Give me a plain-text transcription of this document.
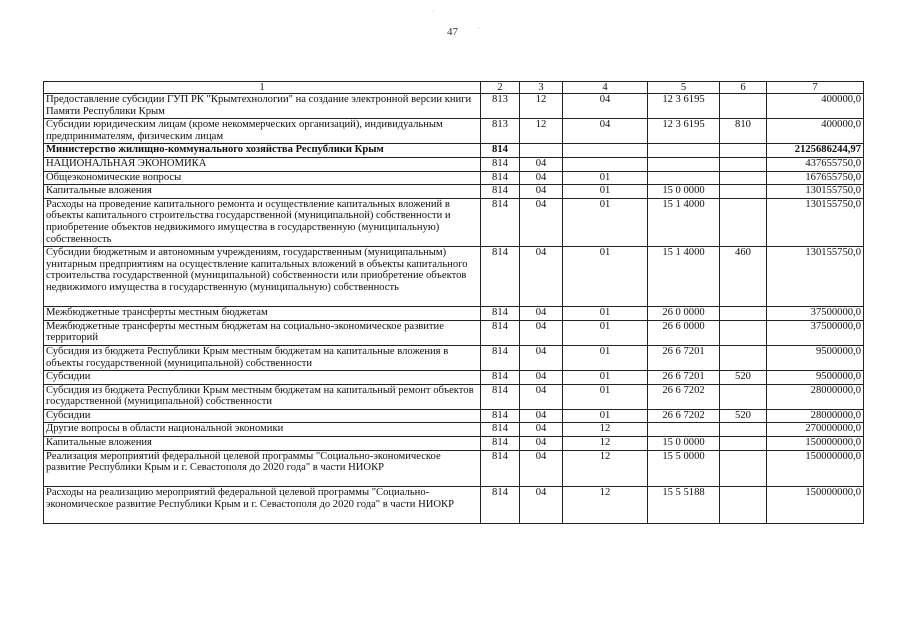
47
·
·
1	2	3	4	5	6	7
Предоставление субсидии ГУП РК "Крымтехнологии" на создание электронной версии книги Памяти Республики Крым	813	12	04	12 3 6195		400000,0
Субсидии юридическим лицам (кроме некоммерческих организаций), индивидуальным предпринимателям, физическим лицам	813	12	04	12 3 6195	810	400000,0
Министерство жилищно-коммунального хозяйства Республики Крым	814					2125686244,97
НАЦИОНАЛЬНАЯ ЭКОНОМИКА	814	04				437655750,0
Общеэкономические вопросы	814	04	01			167655750,0
Капитальные вложения	814	04	01	15 0 0000		130155750,0
Расходы на проведение капитального ремонта и осуществление капитальных вложений в объекты капитального строительства государственной (муниципальной) собственности и приобретение объектов недвижимого имущества в государственную (муниципальную) собственность	814	04	01	15 1 4000		130155750,0
Субсидии бюджетным и автономным учреждениям, государственным (муниципальным) унитарным предприятиям на осуществление капитальных вложений в объекты капитального строительства государственной (муниципальной) собственности или приобретение объектов недвижимого имущества в государственную (муниципальную) собственность	814	04	01	15 1 4000	460	130155750,0
Межбюджетные трансферты местным бюджетам	814	04	01	26 0 0000		37500000,0
Межбюджетные трансферты местным бюджетам на социально-экономическое развитие территорий	814	04	01	26 6 0000		37500000,0
Субсидия из бюджета Республики Крым местным бюджетам на капитальные вложения в объекты государственной (муниципальной) собственности	814	04	01	26 6 7201		9500000,0
Субсидии	814	04	01	26 6 7201	520	9500000,0
Субсидия из бюджета Республики Крым местным бюджетам на капитальный ремонт объектов государственной (муниципальной) собственности	814	04	01	26 6 7202		28000000,0
Субсидии	814	04	01	26 6 7202	520	28000000,0
Другие вопросы в области национальной экономики	814	04	12			270000000,0
Капитальные вложения	814	04	12	15 0 0000		150000000,0
Реализация мероприятий федеральной целевой программы "Социально-экономическое развитие Республики Крым и г. Севастополя до 2020 года" в части НИОКР	814	04	12	15 5 0000		150000000,0
Расходы на реализацию мероприятий федеральной целевой программы "Социально-экономическое развитие Республики Крым и г. Севастополя до 2020 года" в части НИОКР	814	04	12	15 5 5188		150000000,0
